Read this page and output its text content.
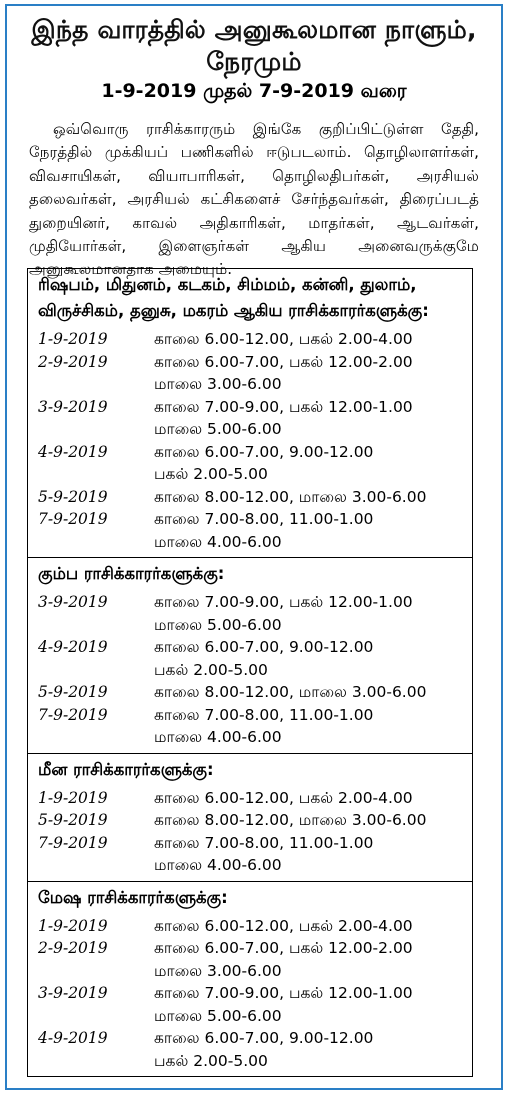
இந்த வாரத்தில் அனுகூலமான நாளும்,
நேரமும்
1-9-2019 முதல் 7-9-2019 வரை
ஒவ்வொரு ராசிக்காரரும் இங்கே குறிப்பிட்டுள்ள தேதி, நேரத்தில் முக்கியப் பணிகளில் ஈடுபடலாம். தொழிலாளர்கள், விவசாயிகள், வியாபாரிகள், தொழிலதிபர்கள், அரசியல் தலைவர்கள், அரசியல் கட்சிகளைச் சேர்ந்தவர்கள், திரைப்படத் துறையினர், காவல் அதிகாரிகள், மாதர்கள், ஆடவர்கள், முதியோர்கள், இளைஞர்கள் ஆகிய அனைவருக்குமே அனுகூலமானதாக அமையும்.
ரிஷபம், மிதுனம், கடகம், சிம்மம், கன்னி, துலாம், விருச்சிகம், தனுசு, மகரம் ஆகிய ராசிக்காரர்களுக்கு:
1-9-2019	காலை 6.00-12.00, பகல் 2.00-4.00
2-9-2019	காலை 6.00-7.00, பகல் 12.00-2.00
மாலை 3.00-6.00
3-9-2019	காலை 7.00-9.00, பகல் 12.00-1.00
மாலை 5.00-6.00
4-9-2019	காலை 6.00-7.00, 9.00-12.00
பகல் 2.00-5.00
5-9-2019	காலை 8.00-12.00, மாலை 3.00-6.00
7-9-2019	காலை 7.00-8.00, 11.00-1.00
மாலை 4.00-6.00
கும்ப ராசிக்காரர்களுக்கு:
3-9-2019	காலை 7.00-9.00, பகல் 12.00-1.00
மாலை 5.00-6.00
4-9-2019	காலை 6.00-7.00, 9.00-12.00
பகல் 2.00-5.00
5-9-2019	காலை 8.00-12.00, மாலை 3.00-6.00
7-9-2019	காலை 7.00-8.00, 11.00-1.00
மாலை 4.00-6.00
மீன ராசிக்காரர்களுக்கு:
1-9-2019	காலை 6.00-12.00, பகல் 2.00-4.00
5-9-2019	காலை 8.00-12.00, மாலை 3.00-6.00
7-9-2019	காலை 7.00-8.00, 11.00-1.00
மாலை 4.00-6.00
மேஷ ராசிக்காரர்களுக்கு:
1-9-2019	காலை 6.00-12.00, பகல் 2.00-4.00
2-9-2019	காலை 6.00-7.00, பகல் 12.00-2.00
மாலை 3.00-6.00
3-9-2019	காலை 7.00-9.00, பகல் 12.00-1.00
மாலை 5.00-6.00
4-9-2019	காலை 6.00-7.00, 9.00-12.00
பகல் 2.00-5.00
